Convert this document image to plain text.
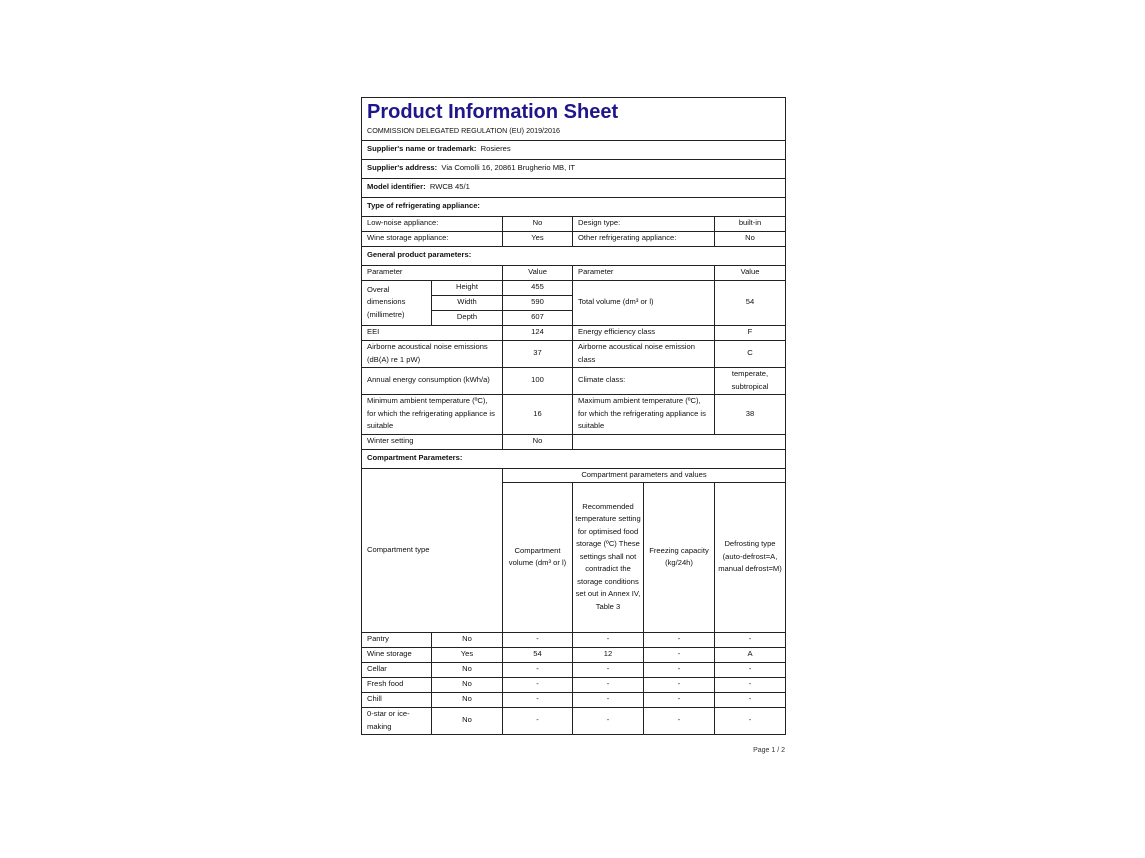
Product Information Sheet
COMMISSION DELEGATED REGULATION (EU) 2019/2016					

Supplier's name or trademark: Rosieres					
Supplier's address: Via Comolli 16, 20861 Brugherio MB, IT					
Model identifier: RWCB 45/1					
Type of refrigerating appliance:					
Low-noise appliance:		No	Design type:		built-in
Wine storage appliance:		Yes	Other refrigerating appliance:		No
General product parameters:					
Parameter		Value	Parameter		Value
Overal dimensions (millimetre)	Height	455	Total volume (dm³ or l)		54
	Width	590			
	Depth	607			
EEI		124	Energy efficiency class		F
Airborne acoustical noise emissions (dB(A) re 1 pW)		37	Airborne acoustical noise emission class		C
Annual energy consumption (kWh/a)		100	Climate class:		temperate, subtropical
Minimum ambient temperature (ºC), for which the refrigerating appliance is suitable		16	Maximum ambient temperature (ºC), for which the refrigerating appliance is suitable		38
Winter setting		No			
Compartment Parameters:					
Compartment type		Compartment parameters and values			
		Compartment volume (dm³ or l)	Recommended temperature setting for optimised food storage (ºC) These settings shall not contradict the storage conditions set out in Annex IV, Table 3	Freezing capacity (kg/24h)	Defrosting type (auto-defrost=A, manual defrost=M)
Pantry	No	-	-	-	-
Wine storage	Yes	54	12	-	A
Cellar	No	-	-	-	-
Fresh food	No	-	-	-	-
Chill	No	-	-	-	-
0-star or ice-making	No	-	-	-	-
Page 1 / 2
